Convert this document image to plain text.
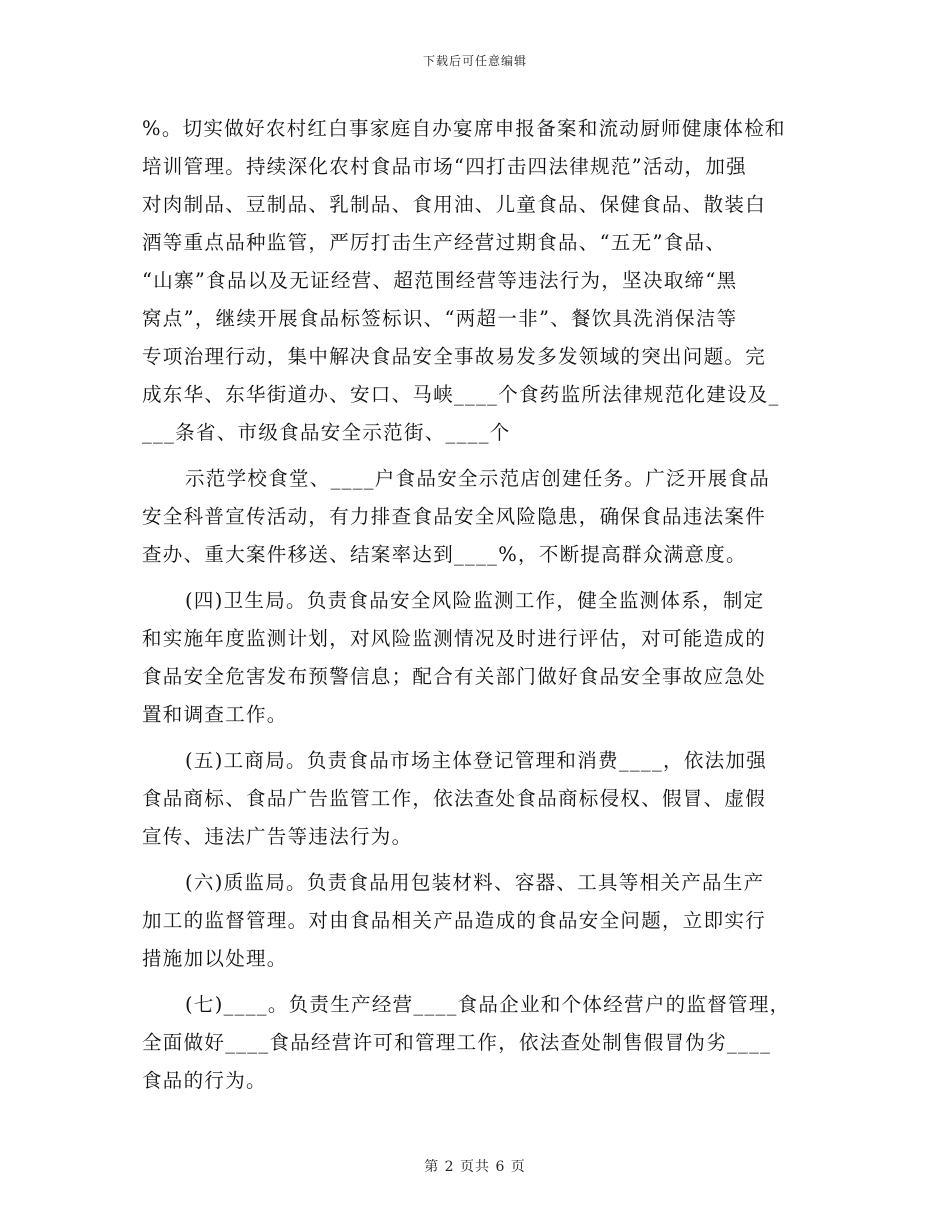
下载后可任意编辑
%。切实做好农村红白事家庭自办宴席申报备案和流动厨师健康体检和
培训管理。持续深化农村食品市场“四打击四法律规范”活动，加强
对肉制品、豆制品、乳制品、食用油、儿童食品、保健食品、散装白
酒等重点品种监管，严厉打击生产经营过期食品、“五无”食品、
“山寨”食品以及无证经营、超范围经营等违法行为，坚决取缔“黑
窝点”，继续开展食品标签标识、“两超一非”、餐饮具洗消保洁等
专项治理行动，集中解决食品安全事故易发多发领域的突出问题。完
成东华、东华街道办、安口、马峡____个食药监所法律规范化建设及_
___条省、市级食品安全示范街、____个
示范学校食堂、____户食品安全示范店创建任务。广泛开展食品
安全科普宣传活动，有力排查食品安全风险隐患，确保食品违法案件
查办、重大案件移送、结案率达到____%，不断提高群众满意度。
(四)卫生局。负责食品安全风险监测工作，健全监测体系，制定
和实施年度监测计划，对风险监测情况及时进行评估，对可能造成的
食品安全危害发布预警信息；配合有关部门做好食品安全事故应急处
置和调查工作。
(五)工商局。负责食品市场主体登记管理和消费____，依法加强
食品商标、食品广告监管工作，依法查处食品商标侵权、假冒、虚假
宣传、违法广告等违法行为。
(六)质监局。负责食品用包装材料、容器、工具等相关产品生产
加工的监督管理。对由食品相关产品造成的食品安全问题，立即实行
措施加以处理。
(七)____。负责生产经营____食品企业和个体经营户的监督管理，
全面做好____食品经营许可和管理工作，依法查处制售假冒伪劣____
食品的行为。
第 2 页共 6 页
